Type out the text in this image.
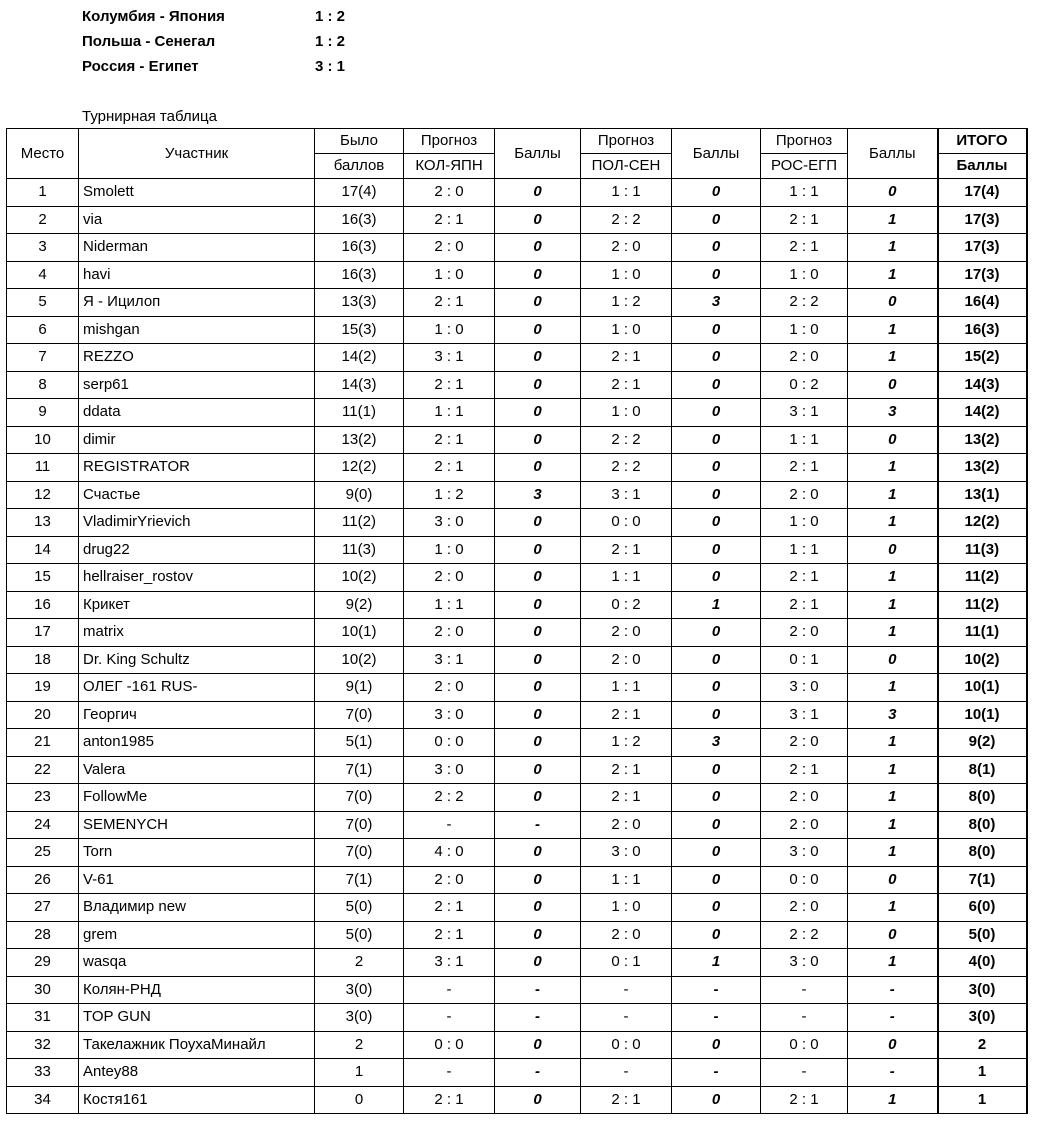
Колумбия - Япония	1 : 2
Польша - Сенегал	1 : 2
Россия - Египет	3 : 1
Турнирная таблица
Место	Участник	Было	Прогноз	Баллы	Прогноз	Баллы	Прогноз	Баллы	ИТОГО
		баллов	КОЛ-ЯПН		ПОЛ-СЕН		РОС-ЕГП		Баллы
1	Smolett	17(4)	2 : 0	0	1 : 1	0	1 : 1	0	17(4)
2	via	16(3)	2 : 1	0	2 : 2	0	2 : 1	1	17(3)
3	Niderman	16(3)	2 : 0	0	2 : 0	0	2 : 1	1	17(3)
4	havi	16(3)	1 : 0	0	1 : 0	0	1 : 0	1	17(3)
5	Я - Ицилоп	13(3)	2 : 1	0	1 : 2	3	2 : 2	0	16(4)
6	mishgan	15(3)	1 : 0	0	1 : 0	0	1 : 0	1	16(3)
7	REZZO	14(2)	3 : 1	0	2 : 1	0	2 : 0	1	15(2)
8	serp61	14(3)	2 : 1	0	2 : 1	0	0 : 2	0	14(3)
9	ddata	11(1)	1 : 1	0	1 : 0	0	3 : 1	3	14(2)
10	dimir	13(2)	2 : 1	0	2 : 2	0	1 : 1	0	13(2)
11	REGISTRATOR	12(2)	2 : 1	0	2 : 2	0	2 : 1	1	13(2)
12	Счастье	9(0)	1 : 2	3	3 : 1	0	2 : 0	1	13(1)
13	VladimirYrievich	11(2)	3 : 0	0	0 : 0	0	1 : 0	1	12(2)
14	drug22	11(3)	1 : 0	0	2 : 1	0	1 : 1	0	11(3)
15	hellraiser_rostov	10(2)	2 : 0	0	1 : 1	0	2 : 1	1	11(2)
16	Крикет	9(2)	1 : 1	0	0 : 2	1	2 : 1	1	11(2)
17	matrix	10(1)	2 : 0	0	2 : 0	0	2 : 0	1	11(1)
18	Dr. King Schultz	10(2)	3 : 1	0	2 : 0	0	0 : 1	0	10(2)
19	ОЛЕГ -161 RUS-	9(1)	2 : 0	0	1 : 1	0	3 : 0	1	10(1)
20	Георгич	7(0)	3 : 0	0	2 : 1	0	3 : 1	3	10(1)
21	anton1985	5(1)	0 : 0	0	1 : 2	3	2 : 0	1	9(2)
22	Valera	7(1)	3 : 0	0	2 : 1	0	2 : 1	1	8(1)
23	FollowMe	7(0)	2 : 2	0	2 : 1	0	2 : 0	1	8(0)
24	SEMENYCH	7(0)	-	-	2 : 0	0	2 : 0	1	8(0)
25	Torn	7(0)	4 : 0	0	3 : 0	0	3 : 0	1	8(0)
26	V-61	7(1)	2 : 0	0	1 : 1	0	0 : 0	0	7(1)
27	Владимир new	5(0)	2 : 1	0	1 : 0	0	2 : 0	1	6(0)
28	grem	5(0)	2 : 1	0	2 : 0	0	2 : 2	0	5(0)
29	wasqa	2	3 : 1	0	0 : 1	1	3 : 0	1	4(0)
30	Колян-РНД	3(0)	-	-	-	-	-	-	3(0)
31	TOP GUN	3(0)	-	-	-	-	-	-	3(0)
32	Такелажник ПоухаМинайл	2	0 : 0	0	0 : 0	0	0 : 0	0	2
33	Antey88	1	-	-	-	-	-	-	1
34	Костя161	0	2 : 1	0	2 : 1	0	2 : 1	1	1
